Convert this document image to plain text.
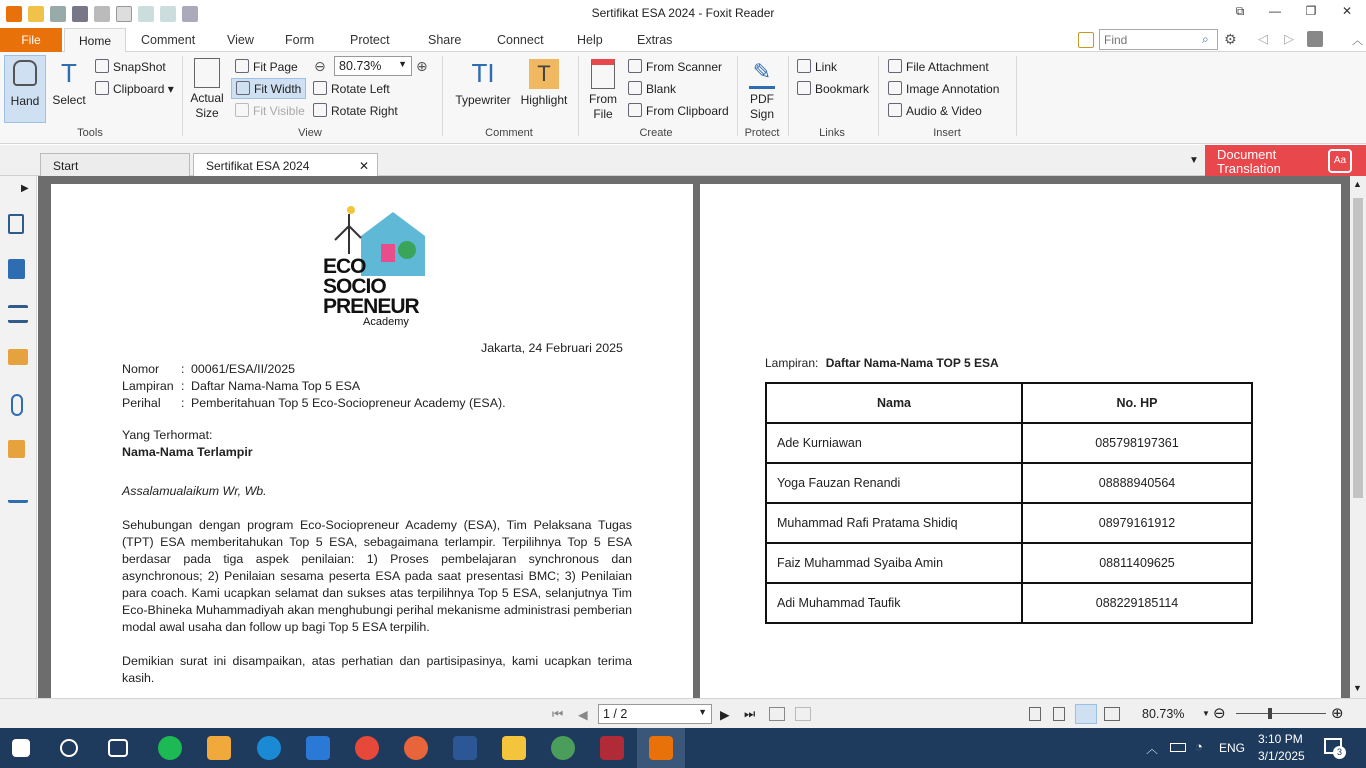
Sertifikat ESA 2024 - Foxit Reader	⧉	—	❐	✕
File	Home	Comment	View Form	Protect	Share	Connect	Help	Extras
Find	⌕ ⚙ ◁ ▷	︿
Hand
T
Select
SnapShot
Clipboard ▾
Tools
Actual Size
Fit Page
Fit Width
Fit Visible
⊖	80.73% ▼ ⊕
Rotate Left
Rotate Right
View
TI
Typewriter
T
Highlight
Comment
From File
From Scanner
Blank
From Clipboard
Create
✎
PDF Sign
Protect
Link
Bookmark
Links
File Attachment
Image Annotation
Audio & Video
Insert
Start	Sertifikat ESA 2024	✕	▼ Document
Translation
Aa
▶
ECO
SOCIO
PRENEUR
Academy
Jakarta, 24 Februari 2025
Nomor : 00061/ESA/II/2025
Lampiran : Daftar Nama-Nama Top 5 ESA
Perihal : Pemberitahuan Top 5 Eco-Sociopreneur Academy (ESA).
Yang Terhormat:
Nama-Nama Terlampir
Assalamualaikum Wr, Wb.
Sehubungan dengan program Eco-Sociopreneur Academy (ESA), Tim Pelaksana Tugas (TPT) ESA memberitahukan Top 5 ESA, sebagaimana terlampir. Terpilihnya Top 5 ESA berdasar pada tiga aspek penilaian: 1) Proses pembelajaran synchronous dan asynchronous; 2) Penilaian sesama peserta ESA pada saat presentasi BMC; 3) Penilaian para coach. Kami ucapkan selamat dan sukses atas terpilihnya Top 5 ESA, selanjutnya Tim Eco-Bhineka Muhammadiyah akan menghubungi perihal mekanisme administrasi pemberian modal awal usaha dan follow up bagi Top 5 ESA terpilih.
Demikian surat ini disampaikan, atas perhatian dan partisipasinya, kami ucapkan terima kasih.
Lampiran: Daftar Nama-Nama TOP 5 ESA
Nama	No. HP
Ade Kurniawan	085798197361
Yoga Fauzan Renandi	08888940564
Muhammad Rafi Pratama Shidiq	08979161912
Faiz Muhammad Syaiba Amin	08811409625
Adi Muhammad Taufik	088229185114
▲
▼
⏮ ◀	1 / 2	▼ ▶ ⏭	80.73% ▼ ⊖	⊕
︿	◔ ENG
3:10 PM
3/1/2025	3
